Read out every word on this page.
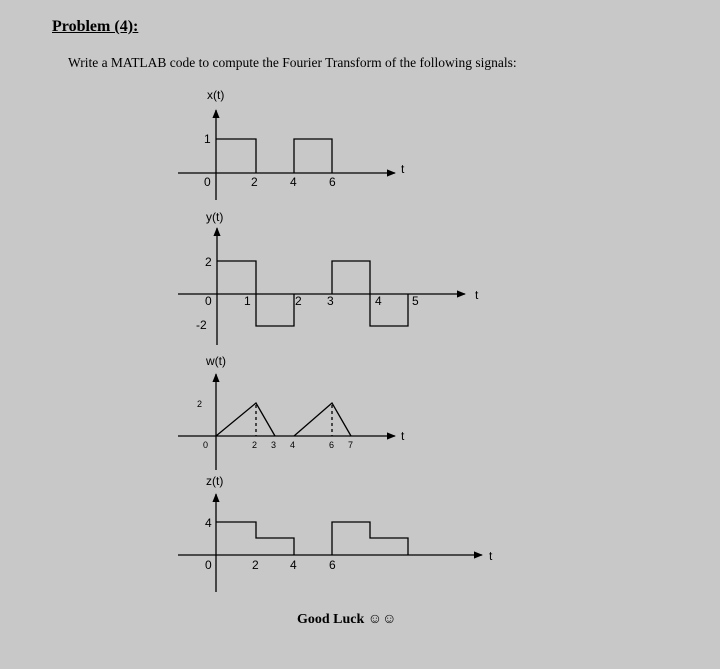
Problem (4):

Write a MATLAB code to compute the Fourier Transform of the following signals:

x(t)
t
1
0	2	4	6
y(t)
t
2
0
-2
1	2 3	4	5
w(t)
t
2
0	2 3 4	6 7
z(t)
t
4
0	2	4	6

Good Luck ☺☺
